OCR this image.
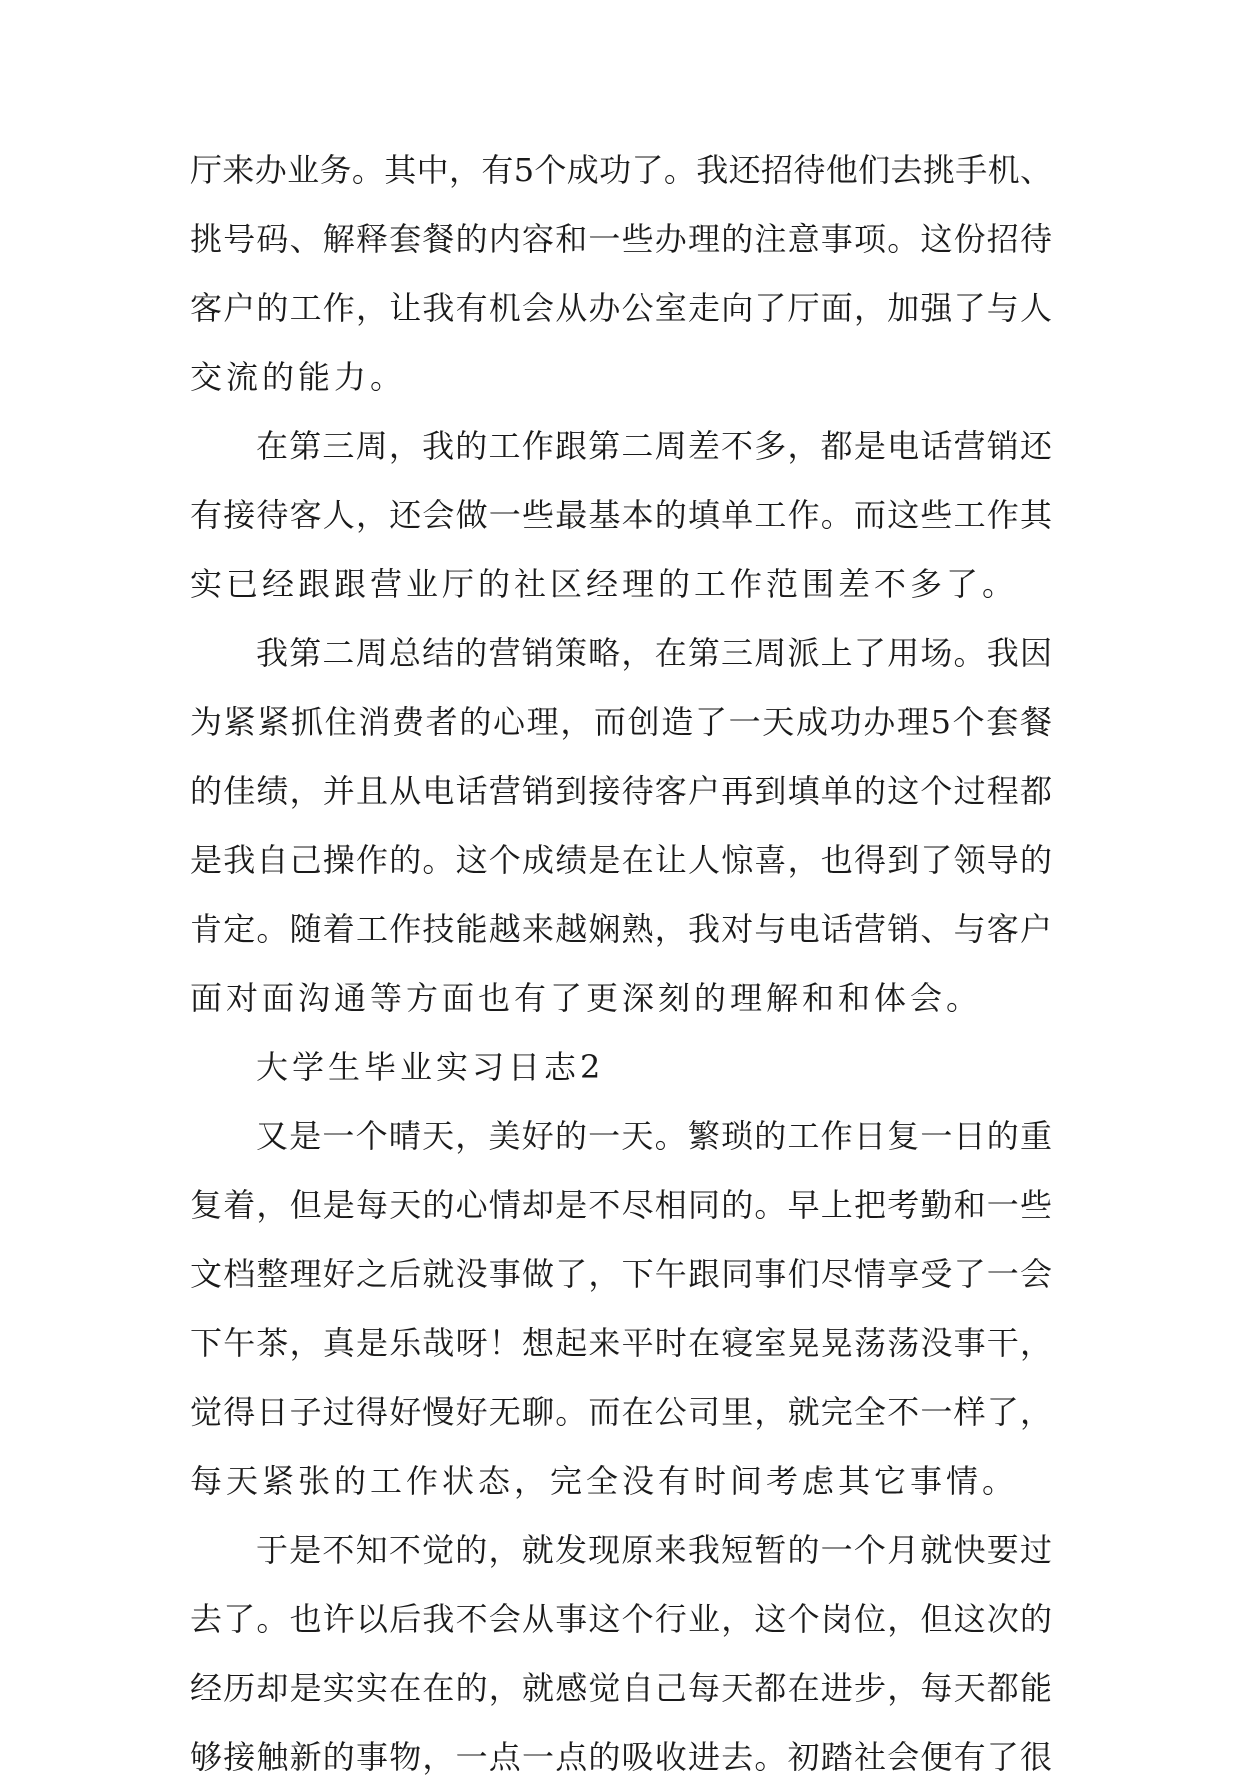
厅来办业务。其中，有5个成功了。我还招待他们去挑手机、
挑号码、解释套餐的内容和一些办理的注意事项。这份招待
客户的工作，让我有机会从办公室走向了厅面，加强了与人
交流的能力。
在第三周，我的工作跟第二周差不多，都是电话营销还
有接待客人，还会做一些最基本的填单工作。而这些工作其
实已经跟跟营业厅的社区经理的工作范围差不多了。
我第二周总结的营销策略，在第三周派上了用场。我因
为紧紧抓住消费者的心理，而创造了一天成功办理5个套餐
的佳绩，并且从电话营销到接待客户再到填单的这个过程都
是我自己操作的。这个成绩是在让人惊喜，也得到了领导的
肯定。随着工作技能越来越娴熟，我对与电话营销、与客户
面对面沟通等方面也有了更深刻的理解和和体会。
大学生毕业实习日志2
又是一个晴天，美好的一天。繁琐的工作日复一日的重
复着，但是每天的心情却是不尽相同的。早上把考勤和一些
文档整理好之后就没事做了，下午跟同事们尽情享受了一会
下午茶，真是乐哉呀！想起来平时在寝室晃晃荡荡没事干，
觉得日子过得好慢好无聊。而在公司里，就完全不一样了，
每天紧张的工作状态，完全没有时间考虑其它事情。
于是不知不觉的，就发现原来我短暂的一个月就快要过
去了。也许以后我不会从事这个行业，这个岗位，但这次的
经历却是实实在在的，就感觉自己每天都在进步，每天都能
够接触新的事物，一点一点的吸收进去。初踏社会便有了很
